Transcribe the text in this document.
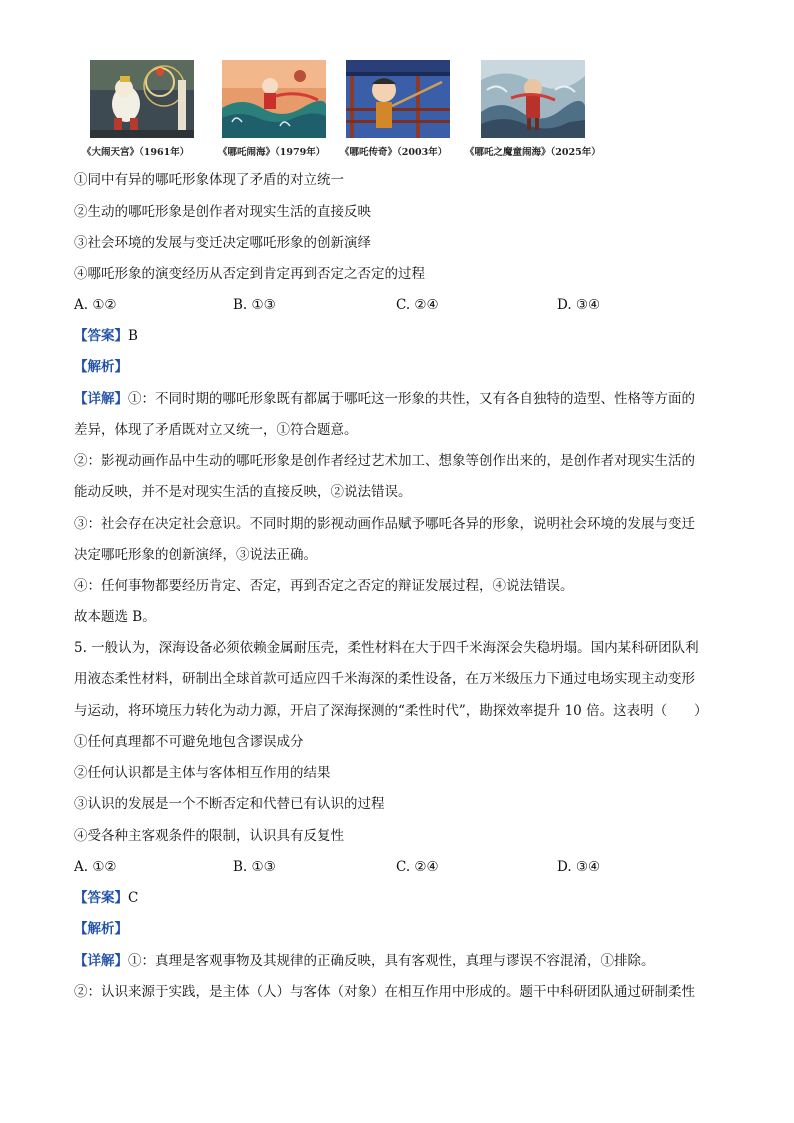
《大闹天宫》（1961年）	《哪吒闹海》（1979年） 《哪吒传奇》（2003年） 《哪吒之魔童闹海》（2025年）
①同中有异的哪吒形象体现了矛盾的对立统一
②生动的哪吒形象是创作者对现实生活的直接反映
③社会环境的发展与变迁决定哪吒形象的创新演绎
④哪吒形象的演变经历从否定到肯定再到否定之否定的过程
A. ①②	B. ①③	C. ②④	D. ③④
【答案】B
【解析】
【详解】①：不同时期的哪吒形象既有都属于哪吒这一形象的共性，又有各自独特的造型、性格等方面的
差异，体现了矛盾既对立又统一，①符合题意。
②：影视动画作品中生动的哪吒形象是创作者经过艺术加工、想象等创作出来的，是创作者对现实生活的
能动反映，并不是对现实生活的直接反映，②说法错误。
③：社会存在决定社会意识。不同时期的影视动画作品赋予哪吒各异的形象，说明社会环境的发展与变迁
决定哪吒形象的创新演绎，③说法正确。
④：任何事物都要经历肯定、否定，再到否定之否定的辩证发展过程，④说法错误。
故本题选 B。
5. 一般认为，深海设备必须依赖金属耐压壳，柔性材料在大于四千米海深会失稳坍塌。国内某科研团队利
用液态柔性材料，研制出全球首款可适应四千米海深的柔性设备，在万米级压力下通过电场实现主动变形
与运动，将环境压力转化为动力源，开启了深海探测的“柔性时代”，勘探效率提升 10 倍。这表明（　　）
①任何真理都不可避免地包含谬误成分
②任何认识都是主体与客体相互作用的结果
③认识的发展是一个不断否定和代替已有认识的过程
④受各种主客观条件的限制，认识具有反复性
A. ①②	B. ①③	C. ②④	D. ③④
【答案】C
【解析】
【详解】①：真理是客观事物及其规律的正确反映，具有客观性，真理与谬误不容混淆，①排除。
②：认识来源于实践，是主体（人）与客体（对象）在相互作用中形成的。题干中科研团队通过研制柔性
